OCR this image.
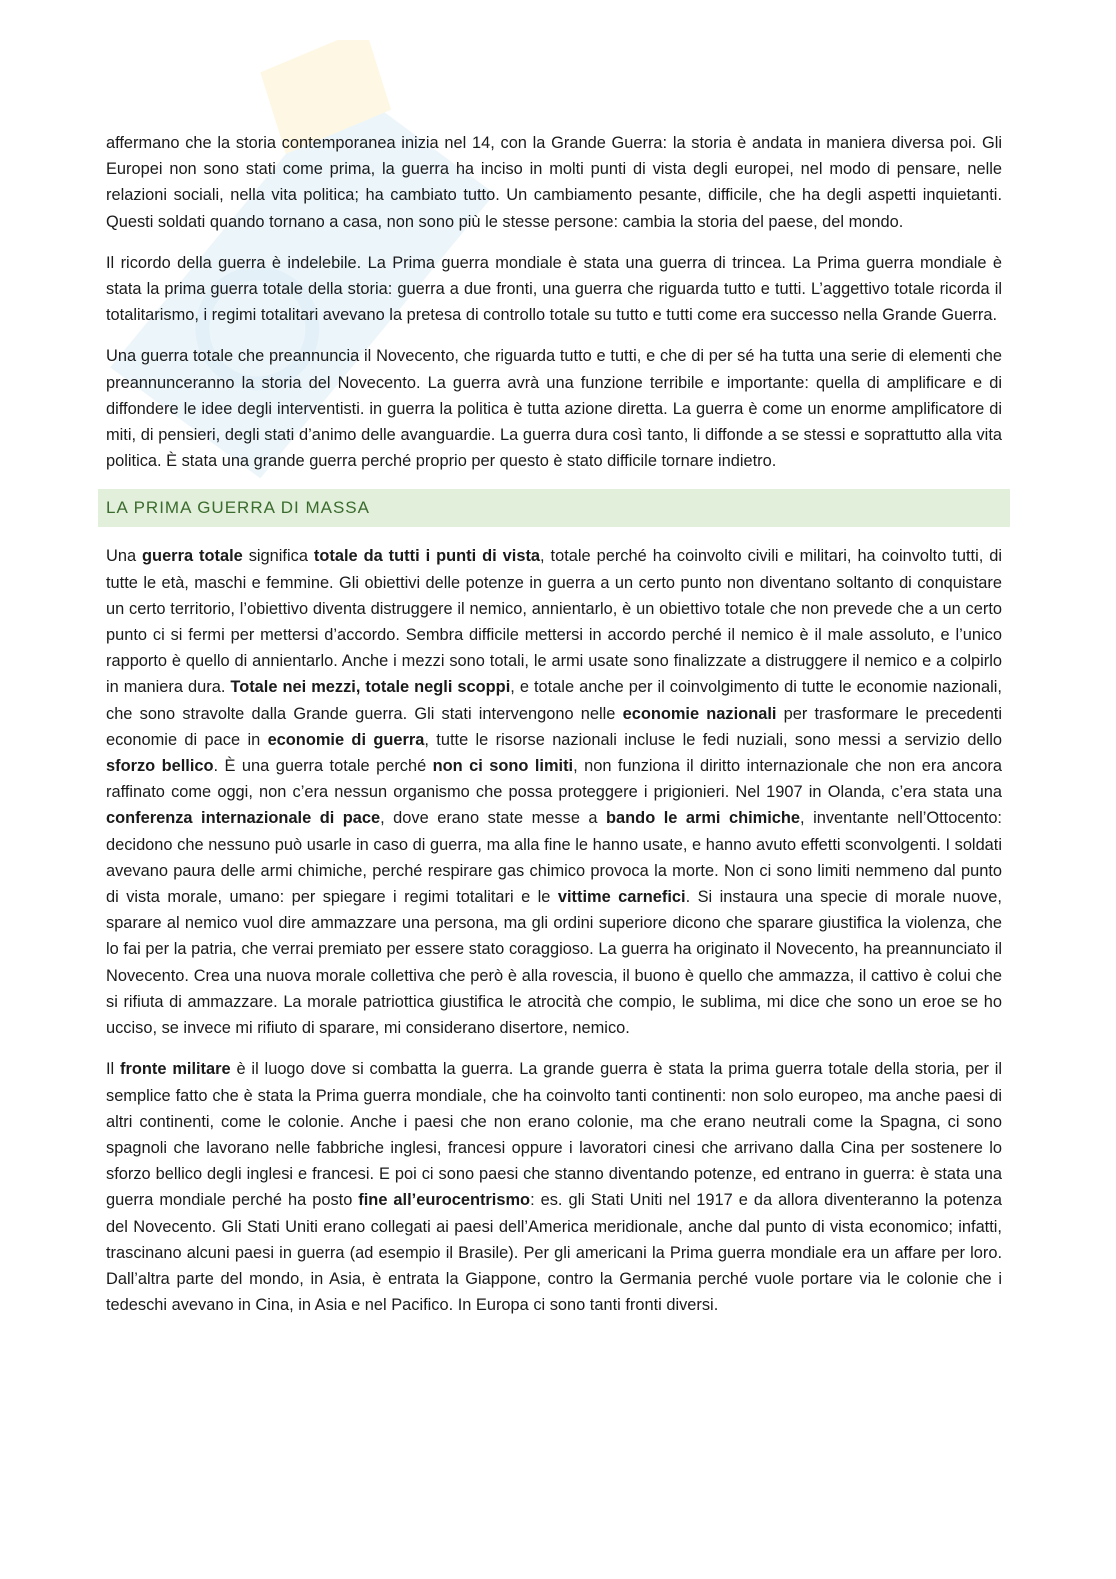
affermano che la storia contemporanea inizia nel 14, con la Grande Guerra: la storia è andata in maniera diversa poi. Gli Europei non sono stati come prima, la guerra ha inciso in molti punti di vista degli europei, nel modo di pensare, nelle relazioni sociali, nella vita politica; ha cambiato tutto. Un cambiamento pesante, difficile, che ha degli aspetti inquietanti. Questi soldati quando tornano a casa, non sono più le stesse persone: cambia la storia del paese, del mondo.

Il ricordo della guerra è indelebile. La Prima guerra mondiale è stata una guerra di trincea. La Prima guerra mondiale è stata la prima guerra totale della storia: guerra a due fronti, una guerra che riguarda tutto e tutti. L’aggettivo totale ricorda il totalitarismo, i regimi totalitari avevano la pretesa di controllo totale su tutto e tutti come era successo nella Grande Guerra.

Una guerra totale che preannuncia il Novecento, che riguarda tutto e tutti, e che di per sé ha tutta una serie di elementi che preannunceranno la storia del Novecento. La guerra avrà una funzione terribile e importante: quella di amplificare e di diffondere le idee degli interventisti. in guerra la politica è tutta azione diretta. La guerra è come un enorme amplificatore di miti, di pensieri, degli stati d’animo delle avanguardie. La guerra dura così tanto, li diffonde a se stessi e soprattutto alla vita politica. È stata una grande guerra perché proprio per questo è stato difficile tornare indietro.

LA PRIMA GUERRA DI MASSA

Una guerra totale significa totale da tutti i punti di vista, totale perché ha coinvolto civili e militari, ha coinvolto tutti, di tutte le età, maschi e femmine. Gli obiettivi delle potenze in guerra a un certo punto non diventano soltanto di conquistare un certo territorio, l’obiettivo diventa distruggere il nemico, annientarlo, è un obiettivo totale che non prevede che a un certo punto ci si fermi per mettersi d’accordo. Sembra difficile mettersi in accordo perché il nemico è il male assoluto, e l’unico rapporto è quello di annientarlo. Anche i mezzi sono totali, le armi usate sono finalizzate a distruggere il nemico e a colpirlo in maniera dura. Totale nei mezzi, totale negli scoppi, e totale anche per il coinvolgimento di tutte le economie nazionali, che sono stravolte dalla Grande guerra. Gli stati intervengono nelle economie nazionali per trasformare le precedenti economie di pace in economie di guerra, tutte le risorse nazionali incluse le fedi nuziali, sono messi a servizio dello sforzo bellico. È una guerra totale perché non ci sono limiti, non funziona il diritto internazionale che non era ancora raffinato come oggi, non c’era nessun organismo che possa proteggere i prigionieri. Nel 1907 in Olanda, c’era stata una conferenza internazionale di pace, dove erano state messe a bando le armi chimiche, inventante nell’Ottocento: decidono che nessuno può usarle in caso di guerra, ma alla fine le hanno usate, e hanno avuto effetti sconvolgenti. I soldati avevano paura delle armi chimiche, perché respirare gas chimico provoca la morte. Non ci sono limiti nemmeno dal punto di vista morale, umano: per spiegare i regimi totalitari e le vittime carnefici. Si instaura una specie di morale nuove, sparare al nemico vuol dire ammazzare una persona, ma gli ordini superiore dicono che sparare giustifica la violenza, che lo fai per la patria, che verrai premiato per essere stato coraggioso. La guerra ha originato il Novecento, ha preannunciato il Novecento. Crea una nuova morale collettiva che però è alla rovescia, il buono è quello che ammazza, il cattivo è colui che si rifiuta di ammazzare. La morale patriottica giustifica le atrocità che compio, le sublima, mi dice che sono un eroe se ho ucciso, se invece mi rifiuto di sparare, mi considerano disertore, nemico.

Il fronte militare è il luogo dove si combatta la guerra. La grande guerra è stata la prima guerra totale della storia, per il semplice fatto che è stata la Prima guerra mondiale, che ha coinvolto tanti continenti: non solo europeo, ma anche paesi di altri continenti, come le colonie. Anche i paesi che non erano colonie, ma che erano neutrali come la Spagna, ci sono spagnoli che lavorano nelle fabbriche inglesi, francesi oppure i lavoratori cinesi che arrivano dalla Cina per sostenere lo sforzo bellico degli inglesi e francesi. E poi ci sono paesi che stanno diventando potenze, ed entrano in guerra: è stata una guerra mondiale perché ha posto fine all’eurocentrismo: es. gli Stati Uniti nel 1917 e da allora diventeranno la potenza del Novecento. Gli Stati Uniti erano collegati ai paesi dell’America meridionale, anche dal punto di vista economico; infatti, trascinano alcuni paesi in guerra (ad esempio il Brasile). Per gli americani la Prima guerra mondiale era un affare per loro. Dall’altra parte del mondo, in Asia, è entrata la Giappone, contro la Germania perché vuole portare via le colonie che i tedeschi avevano in Cina, in Asia e nel Pacifico. In Europa ci sono tanti fronti diversi.
